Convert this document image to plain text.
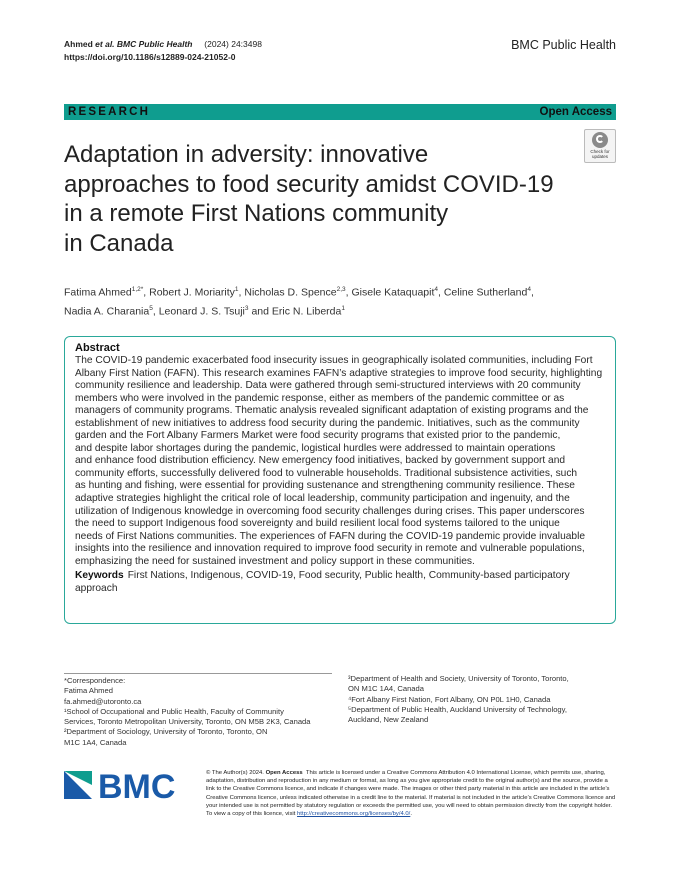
Ahmed et al. BMC Public Health (2024) 24:3498
https://doi.org/10.1186/s12889-024-21052-0
BMC Public Health
RESEARCH	Open Access
Adaptation in adversity: innovative
approaches to food security amidst COVID-19
in a remote First Nations community
in Canada
Check for
updates
Fatima Ahmed$^{1,2*}$, Robert J. Moriarity$^1$, Nicholas D. Spence$^{2,3}$, Gisele Kataquapit$^4$, Celine Sutherland$^4$,
Nadia A. Charania$^5$, Leonard J. S. Tsuji$^3$ and Eric N. Liberda$^1$
Abstract
The COVID-19 pandemic exacerbated food insecurity issues in geographically isolated communities, including Fort
Albany First Nation (FAFN). This research examines FAFN’s adaptive strategies to improve food security, highlighting
community resilience and leadership. Data were gathered through semi-structured interviews with 20 community
members who were involved in the pandemic response, either as members of the pandemic committee or as
managers of community programs. Thematic analysis revealed significant adaptation of existing programs and the
establishment of new initiatives to address food security during the pandemic. Initiatives, such as the community
garden and the Fort Albany Farmers Market were food security programs that existed prior to the pandemic,
and despite labor shortages during the pandemic, logistical hurdles were addressed to maintain operations
and enhance food distribution efficiency. New emergency food initiatives, backed by government support and
community efforts, successfully delivered food to vulnerable households. Traditional subsistence activities, such
as hunting and fishing, were essential for providing sustenance and strengthening community resilience. These
adaptive strategies highlight the critical role of local leadership, community participation and ingenuity, and the
utilization of Indigenous knowledge in overcoming food security challenges during crises. This paper underscores
the need to support Indigenous food sovereignty and build resilient local food systems tailored to the unique
needs of First Nations communities. The experiences of FAFN during the COVID-19 pandemic provide invaluable
insights into the resilience and innovation required to improve food security in remote and vulnerable populations,
emphasizing the need for sustained investment and policy support in these communities.
Keywords First Nations, Indigenous, COVID-19, Food security, Public health, Community-based participatory
approach
*Correspondence:
Fatima Ahmed
fa.ahmed@utoronto.ca
¹School of Occupational and Public Health, Faculty of Community
Services, Toronto Metropolitan University, Toronto, ON M5B 2K3, Canada
²Department of Sociology, University of Toronto, Toronto, ON
M1C 1A4, Canada
³Department of Health and Society, University of Toronto, Toronto,
ON M1C 1A4, Canada
⁴Fort Albany First Nation, Fort Albany, ON P0L 1H0, Canada
⁵Department of Public Health, Auckland University of Technology,
Auckland, New Zealand
BMC	© The Author(s) 2024. Open Access This article is licensed under a Creative Commons Attribution 4.0 International License, which permits use, sharing, adaptation, distribution and reproduction in any medium or format, as long as you give appropriate credit to the original author(s) and the source, provide a link to the Creative Commons licence, and indicate if changes were made. The images or other third party material in this article are included in the article’s Creative Commons licence, unless indicated otherwise in a credit line to the material. If material is not included in the article’s Creative Commons licence and your intended use is not permitted by statutory regulation or exceeds the permitted use, you will need to obtain permission directly from the copyright holder. To view a copy of this licence, visit http://creativecommons.org/licenses/by/4.0/.
